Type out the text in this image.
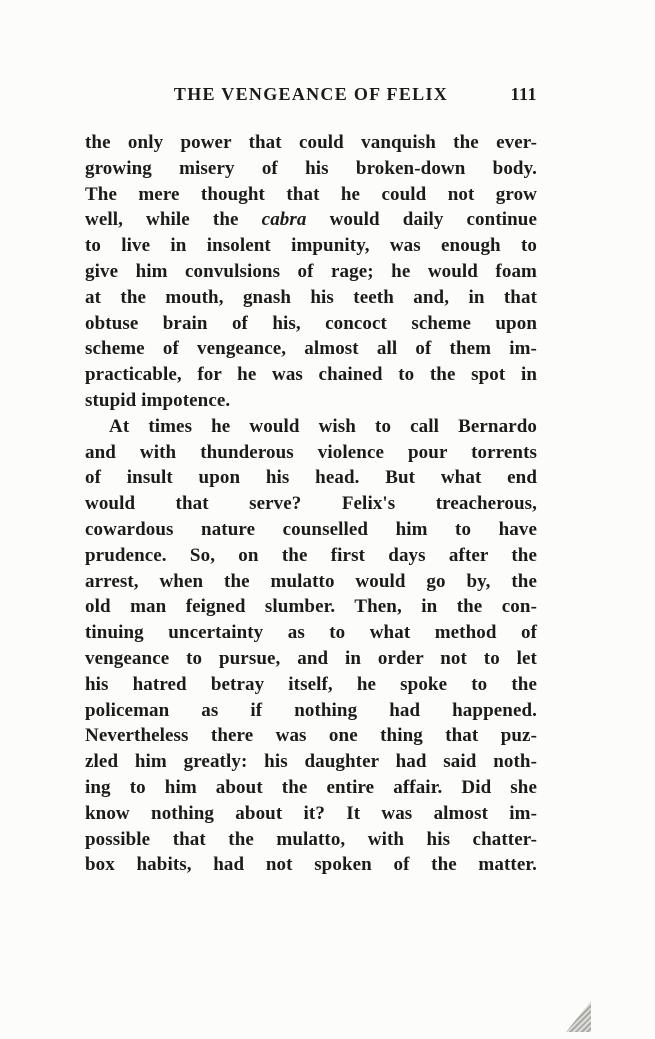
THE VENGEANCE OF FELIX	111
the only power that could vanquish the ever-
growing misery of his broken-down body.
The mere thought that he could not grow
well, while the cabra would daily continue
to live in insolent impunity, was enough to
give him convulsions of rage; he would foam
at the mouth, gnash his teeth and, in that
obtuse brain of his, concoct scheme upon
scheme of vengeance, almost all of them im-
practicable, for he was chained to the spot in
stupid impotence.
At times he would wish to call Bernardo
and with thunderous violence pour torrents
of insult upon his head. But what end
would that serve? Felix's treacherous,
cowardous nature counselled him to have
prudence. So, on the first days after the
arrest, when the mulatto would go by, the
old man feigned slumber. Then, in the con-
tinuing uncertainty as to what method of
vengeance to pursue, and in order not to let
his hatred betray itself, he spoke to the
policeman as if nothing had happened.
Nevertheless there was one thing that puz-
zled him greatly: his daughter had said noth-
ing to him about the entire affair. Did she
know nothing about it? It was almost im-
possible that the mulatto, with his chatter-
box habits, had not spoken of the matter.
